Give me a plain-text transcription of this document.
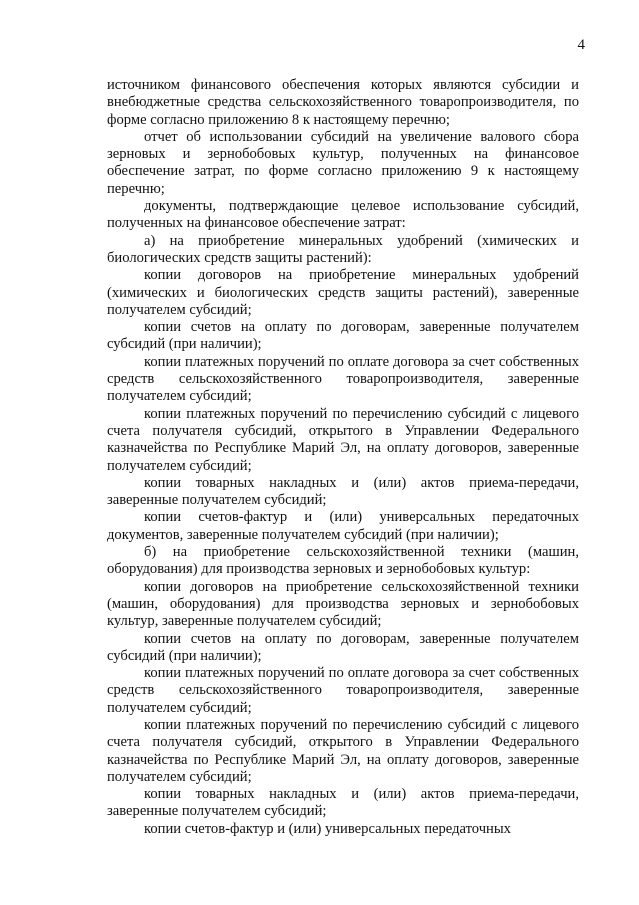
4

источником финансового обеспечения которых являются субсидии и внебюджетные средства сельскохозяйственного товаропроизводителя, по форме согласно приложению 8 к настоящему перечню;

отчет об использовании субсидий на увеличение валового сбора зерновых и зернобобовых культур, полученных на финансовое обеспечение затрат, по форме согласно приложению 9 к настоящему перечню;

документы, подтверждающие целевое использование субсидий, полученных на финансовое обеспечение затрат:

а) на приобретение минеральных удобрений (химических и биологических средств защиты растений):

копии договоров на приобретение минеральных удобрений (химических и биологических средств защиты растений), заверенные получателем субсидий;

копии счетов на оплату по договорам, заверенные получателем субсидий (при наличии);

копии платежных поручений по оплате договора за счет собственных средств сельскохозяйственного товаропроизводителя, заверенные получателем субсидий;

копии платежных поручений по перечислению субсидий с лицевого счета получателя субсидий, открытого в Управлении Федерального казначейства по Республике Марий Эл, на оплату договоров, заверенные получателем субсидий;

копии товарных накладных и (или) актов приема-передачи, заверенные получателем субсидий;

копии счетов-фактур и (или) универсальных передаточных документов, заверенные получателем субсидий (при наличии);

б) на приобретение сельскохозяйственной техники (машин, оборудования) для производства зерновых и зернобобовых культур:

копии договоров на приобретение сельскохозяйственной техники (машин, оборудования) для производства зерновых и зернобобовых культур, заверенные получателем субсидий;

копии счетов на оплату по договорам, заверенные получателем субсидий (при наличии);

копии платежных поручений по оплате договора за счет собственных средств сельскохозяйственного товаропроизводителя, заверенные получателем субсидий;

копии платежных поручений по перечислению субсидий с лицевого счета получателя субсидий, открытого в Управлении Федерального казначейства по Республике Марий Эл, на оплату договоров, заверенные получателем субсидий;

копии товарных накладных и (или) актов приема-передачи, заверенные получателем субсидий;

копии счетов-фактур и (или) универсальных передаточных
